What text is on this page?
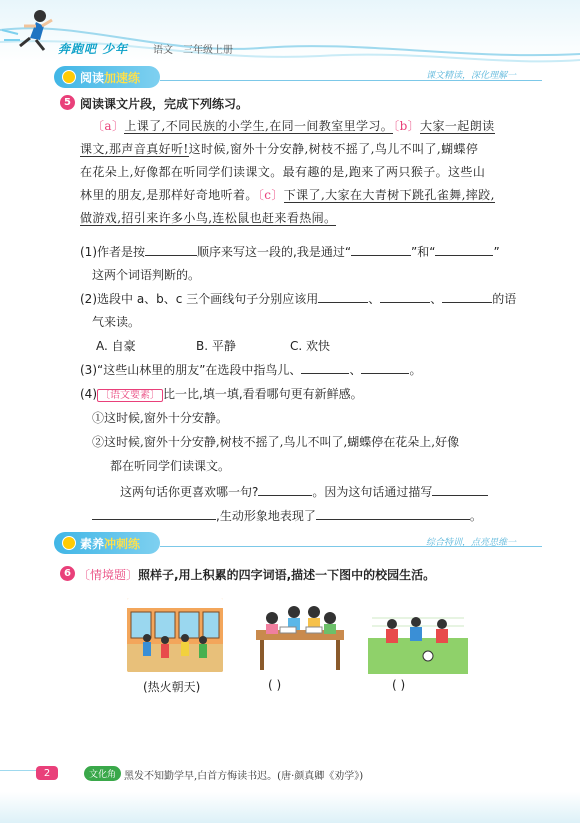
奔跑吧 少年 语文 三年级上册
阅读 加速练	课文精读，深化理解一
5 阅读课文片段，完成下列练习。
〔a〕上课了,不同民族的小学生,在同一间教室里学习。〔b〕大家一起朗读
课文,那声音真好听!这时候,窗外十分安静,树枝不摇了,鸟儿不叫了,蝴蝶停
在花朵上,好像都在听同学们读课文。最有趣的是,跑来了两只猴子。这些山
林里的朋友,是那样好奇地听着。〔c〕下课了,大家在大青树下跳孔雀舞,摔跤,
做游戏,招引来许多小鸟,连松鼠也赶来看热闹。
(1)作者是按	顺序来写这一段的,我是通过“	”和“	”
这两个词语判断的。
(2)选段中 a、b、c 三个画线句子分别应该用	、	、	的语
气来读。
A. 自豪	B. 平静	C. 欢快
(3)“这些山林里的朋友”在选段中指鸟儿、	、	。
(4) 〔语文要素〕 比一比,填一填,看看哪句更有新鲜感。
①这时候,窗外十分安静。
②这时候,窗外十分安静,树枝不摇了,鸟儿不叫了,蝴蝶停在花朵上,好像
都在听同学们读课文。
这两句话你更喜欢哪一句?	。因为这句话通过描写
,生动形象地表现了	。
素养 冲刺练	综合特训，点亮思维一
6 〔情境题〕照样子,用上积累的四字词语,描述一下图中的校园生活。
(热火朝天)	( )	( )
2	文化角 黑发不知勤学早,白首方悔读书迟。(唐·颜真卿《劝学》)
